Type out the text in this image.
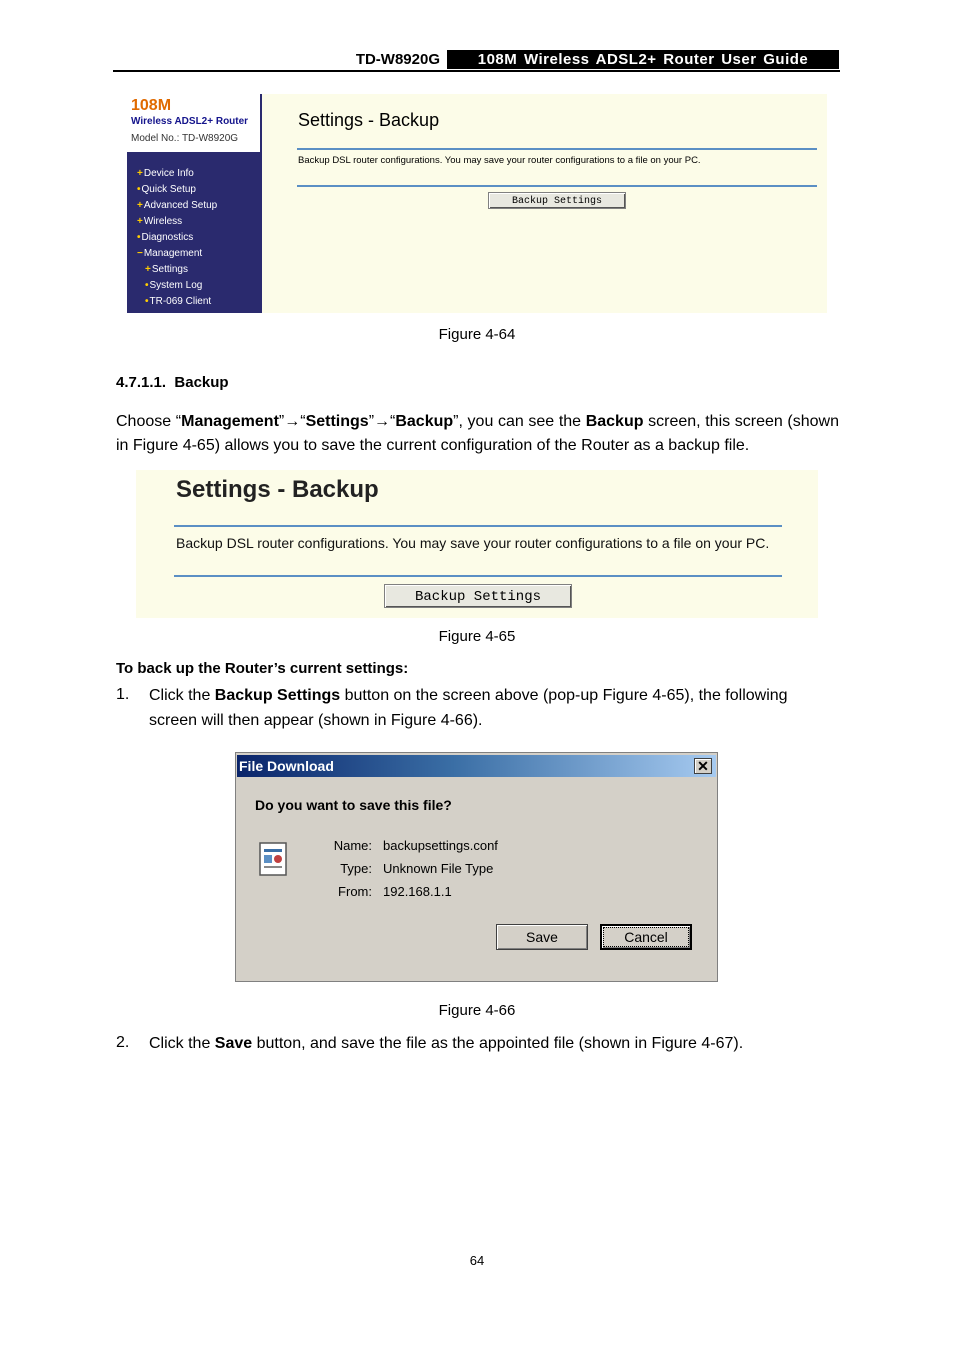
TD-W8920G	108M Wireless ADSL2+ Router User Guide
108M
Wireless ADSL2+ Router
Model No.: TD-W8920G
+Device Info
•Quick Setup
+Advanced Setup
+Wireless
•Diagnostics
−Management
+Settings
•System Log
•TR-069 Client
Settings - Backup
Backup DSL router configurations. You may save your router configurations to a file on your PC.
Backup Settings
Figure 4-64
4.7.1.1. Backup
Choose “Management”→“Settings”→“Backup”, you can see the Backup screen, this screen (shown in Figure 4-65) allows you to save the current configuration of the Router as a backup file.
Settings - Backup
Backup DSL router configurations. You may save your router configurations to a file on your PC.
Backup Settings
Figure 4-65
To back up the Router’s current settings:
1. Click the Backup Settings button on the screen above (pop-up Figure 4-65), the following screen will then appear (shown in Figure 4-66).
File Download	✕
Do you want to save this file?
Name: backupsettings.conf
Type: Unknown File Type
From: 192.168.1.1
Save	Cancel
Figure 4-66
2. Click the Save button, and save the file as the appointed file (shown in Figure 4-67).
64
